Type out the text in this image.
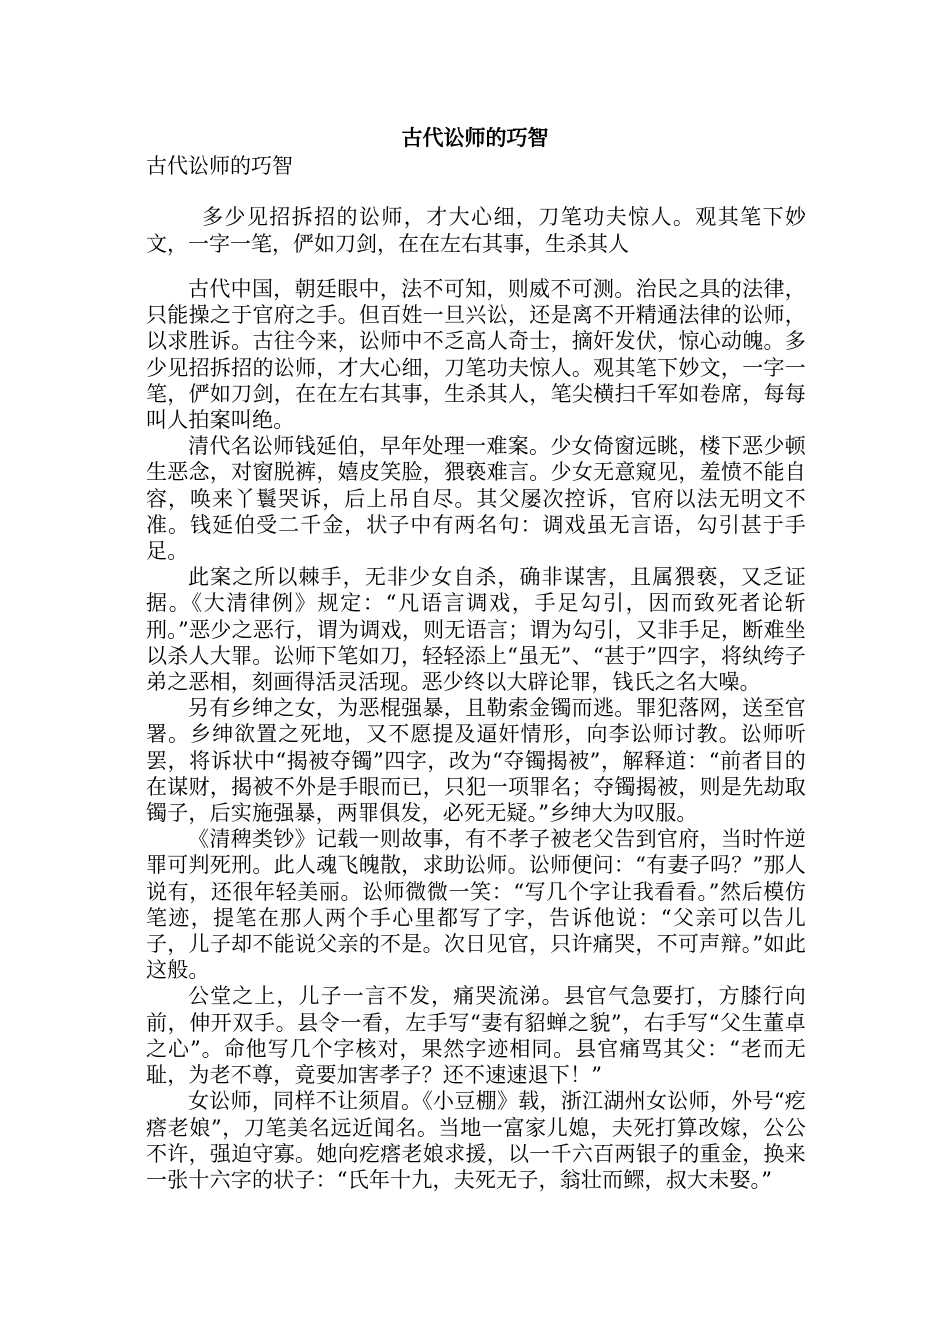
古代讼师的巧智
古代讼师的巧智

多少见招拆招的讼师，才大心细，刀笔功夫惊人。观其笔下妙文，一字一笔，俨如刀剑，在在左右其事，生杀其人

古代中国，朝廷眼中，法不可知，则威不可测。治民之具的法律，只能操之于官府之手。但百姓一旦兴讼，还是离不开精通法律的讼师，以求胜诉。古往今来，讼师中不乏高人奇士，摘奸发伏，惊心动魄。多少见招拆招的讼师，才大心细，刀笔功夫惊人。观其笔下妙文，一字一笔，俨如刀剑，在在左右其事，生杀其人，笔尖横扫千军如卷席，每每叫人拍案叫绝。

清代名讼师钱延伯，早年处理一难案。少女倚窗远眺，楼下恶少顿生恶念，对窗脱裤，嬉皮笑脸，猥亵难言。少女无意窥见，羞愤不能自容，唤来丫鬟哭诉，后上吊自尽。其父屡次控诉，官府以法无明文不准。钱延伯受二千金，状子中有两名句：调戏虽无言语，勾引甚于手足。

此案之所以棘手，无非少女自杀，确非谋害，且属猥亵，又乏证据。《大清律例》规定：“凡语言调戏，手足勾引，因而致死者论斩刑。”恶少之恶行，谓为调戏，则无语言；谓为勾引，又非手足，断难坐以杀人大罪。讼师下笔如刀，轻轻添上“虽无”、“甚于”四字，将纨绔子弟之恶相，刻画得活灵活现。恶少终以大辟论罪，钱氏之名大噪。

另有乡绅之女，为恶棍强暴，且勒索金镯而逃。罪犯落网，送至官署。乡绅欲置之死地，又不愿提及逼奸情形，向李讼师讨教。讼师听罢，将诉状中“揭被夺镯”四字，改为“夺镯揭被”，解释道：“前者目的在谋财，揭被不外是手眼而已，只犯一项罪名；夺镯揭被，则是先劫取镯子，后实施强暴，两罪俱发，必死无疑。”乡绅大为叹服。

《清稗类钞》记载一则故事，有不孝子被老父告到官府，当时忤逆罪可判死刑。此人魂飞魄散，求助讼师。讼师便问：“有妻子吗？”那人说有，还很年轻美丽。讼师微微一笑：“写几个字让我看看。”然后模仿笔迹，提笔在那人两个手心里都写了字，告诉他说：“父亲可以告儿子，儿子却不能说父亲的不是。次日见官，只许痛哭，不可声辩。”如此这般。

公堂之上，儿子一言不发，痛哭流涕。县官气急要打，方膝行向前，伸开双手。县令一看，左手写“妻有貂蝉之貌”，右手写“父生董卓之心”。命他写几个字核对，果然字迹相同。县官痛骂其父：“老而无耻，为老不尊，竟要加害孝子？还不速速退下！”

女讼师，同样不让须眉。《小豆棚》载，浙江湖州女讼师，外号“疙瘩老娘”，刀笔美名远近闻名。当地一富家儿媳，夫死打算改嫁，公公不许，强迫守寡。她向疙瘩老娘求援，以一千六百两银子的重金，换来一张十六字的状子：“氏年十九，夫死无子，翁壮而鳏，叔大未娶。”
